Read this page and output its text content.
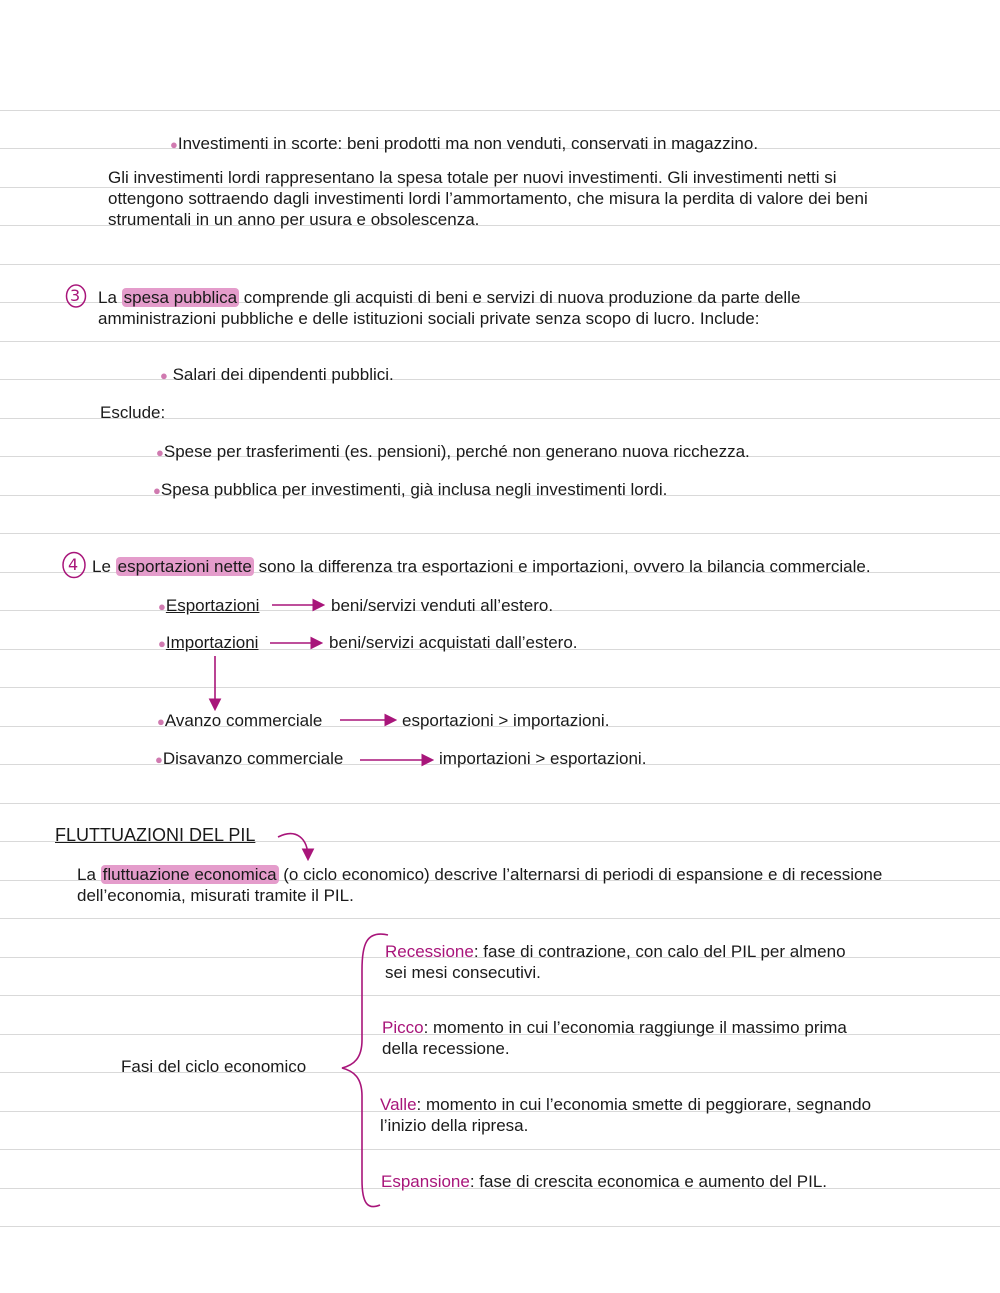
●Investimenti in scorte: beni prodotti ma non venduti, conservati in magazzino.
Gli investimenti lordi rappresentano la spesa totale per nuovi investimenti. Gli investimenti netti si
ottengono sottraendo dagli investimenti lordi l’ammortamento, che misura la perdita di valore dei beni
strumentali in un anno per usura e obsolescenza.
3 La spesa pubblica comprende gli acquisti di beni e servizi di nuova produzione da parte delle
amministrazioni pubbliche e delle istituzioni sociali private senza scopo di lucro. Include:
● Salari dei dipendenti pubblici.
Esclude:
●Spese per trasferimenti (es. pensioni), perché non generano nuova ricchezza.
●Spesa pubblica per investimenti, già inclusa negli investimenti lordi.
4 Le esportazioni nette sono la differenza tra esportazioni e importazioni, ovvero la bilancia commerciale.
●Esportazioni	beni/servizi venduti all’estero.
●Importazioni	beni/servizi acquistati dall’estero.
●Avanzo commerciale	esportazioni > importazioni.
●Disavanzo commerciale	importazioni > esportazioni.
FLUTTUAZIONI DEL PIL
La fluttuazione economica (o ciclo economico) descrive l’alternarsi di periodi di espansione e di recessione
dell’economia, misurati tramite il PIL.
Fasi del ciclo economico
Recessione: fase di contrazione, con calo del PIL per almeno
sei mesi consecutivi.
Picco: momento in cui l’economia raggiunge il massimo prima
della recessione.
Valle: momento in cui l’economia smette di peggiorare, segnando
l’inizio della ripresa.
Espansione: fase di crescita economica e aumento del PIL.
